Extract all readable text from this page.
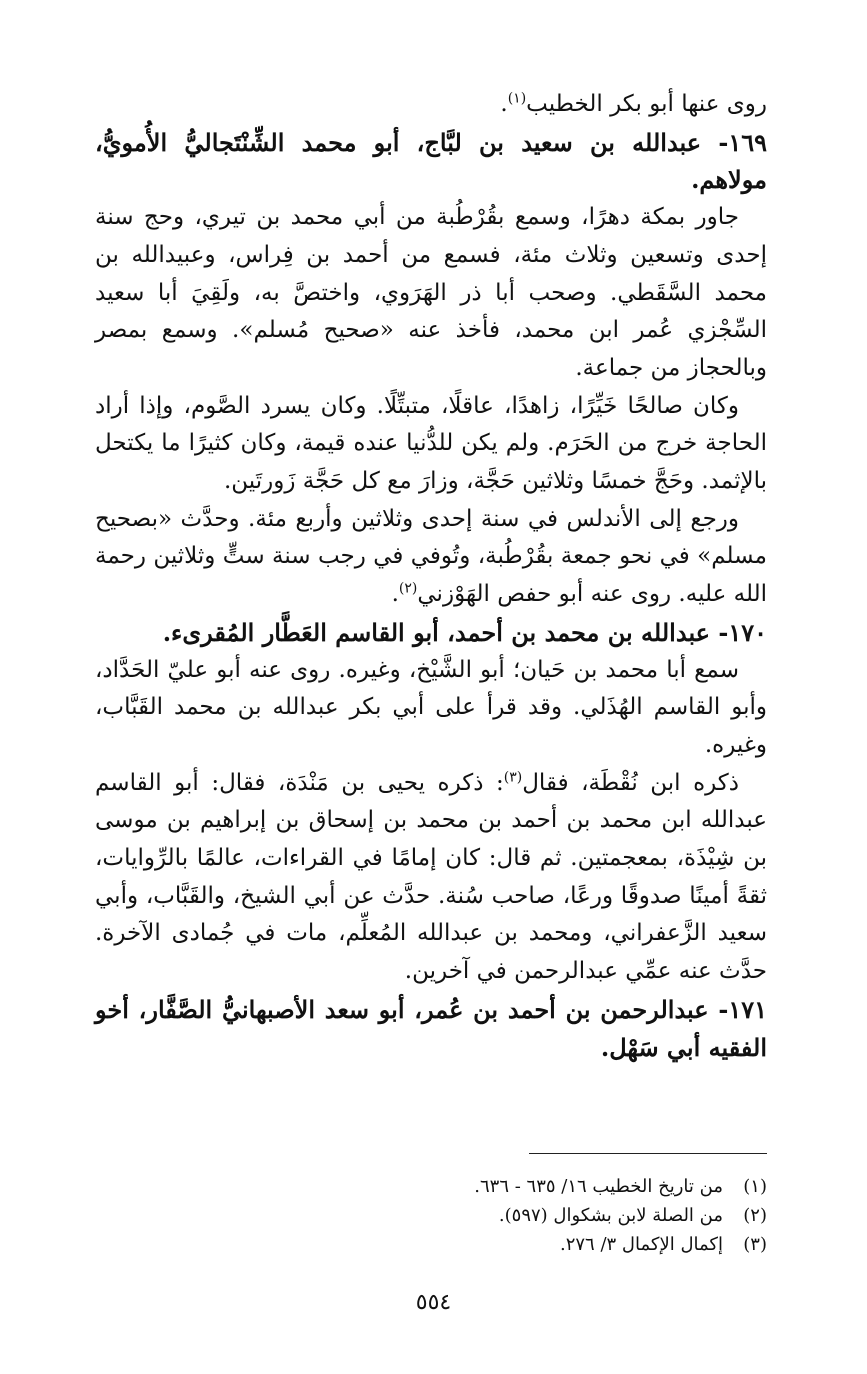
روى عنها أبو بكر الخطيب$^{(١)}$.

١٦٩- عبدالله بن سعيد بن لبَّاج، أبو محمد الشِّنْتَجاليُّ الأُمويُّ، مولاهم.

جاور بمكة دهرًا، وسمع بقُرْطُبة من أبي محمد بن تيري، وحج سنة إحدى وتسعين وثلاث مئة، فسمع من أحمد بن فِراس، وعبيدالله بن محمد السَّقَطي. وصحب أبا ذر الهَرَوي، واختصَّ به، ولَقِيَ أبا سعيد السِّجْزي عُمر ابن محمد، فأخذ عنه «صحيح مُسلم». وسمع بمصر وبالحجاز من جماعة.

وكان صالحًا خَيِّرًا، زاهدًا، عاقلًا، متبتِّلًا. وكان يسرد الصَّوم، وإذا أراد الحاجة خرج من الحَرَم. ولم يكن للدُّنيا عنده قيمة، وكان كثيرًا ما يكتحل بالإثمد. وحَجَّ خمسًا وثلاثين حَجَّة، وزارَ مع كل حَجَّة زَورتَين.

ورجع إلى الأندلس في سنة إحدى وثلاثين وأربع مئة. وحدَّث «بصحيح مسلم» في نحو جمعة بقُرْطُبة، وتُوفي في رجب سنة ستٍّ وثلاثين رحمة الله عليه. روى عنه أبو حفص الهَوْزني$^{(٢)}$.

١٧٠- عبدالله بن محمد بن أحمد، أبو القاسم العَطَّار المُقرىء.

سمع أبا محمد بن حَيان؛ أبو الشَّيْخ، وغيره. روى عنه أبو عليّ الحَدَّاد، وأبو القاسم الهُذَلي. وقد قرأ على أبي بكر عبدالله بن محمد القَبَّاب، وغيره.

ذكره ابن نُقْطَة، فقال$^{(٣)}$: ذكره يحيى بن مَنْدَة، فقال: أبو القاسم عبدالله ابن محمد بن أحمد بن محمد بن إسحاق بن إبراهيم بن موسى بن شِيْذَة، بمعجمتين. ثم قال: كان إمامًا في القراءات، عالمًا بالرِّوايات، ثقةً أمينًا صدوقًا ورعًا، صاحب سُنة. حدَّث عن أبي الشيخ، والقَبَّاب، وأبي سعيد الزَّعفراني، ومحمد بن عبدالله المُعلِّم، مات في جُمادى الآخرة. حدَّث عنه عمِّي عبدالرحمن في آخرين.

١٧١- عبدالرحمن بن أحمد بن عُمر، أبو سعد الأصبهانيُّ الصَّفَّار، أخو الفقيه أبي سَهْل.

(١)
من تاريخ الخطيب ١٦/ ٦٣٥ - ٦٣٦.
(٢)
من الصلة لابن بشكوال (٥٩٧).
(٣)
إكمال الإكمال ٣/ ٢٧٦.
٥٥٤
